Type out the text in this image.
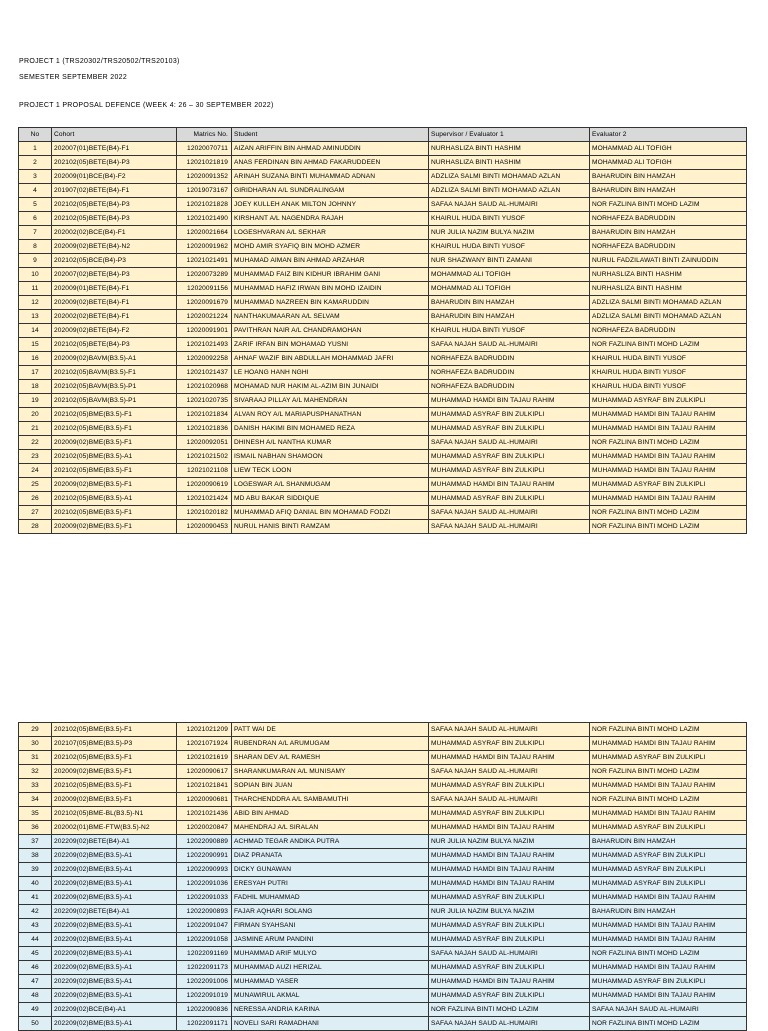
PROJECT 1 (TRS20302/TRS20502/TRS20103)
SEMESTER SEPTEMBER 2022
PROJECT 1 PROPOSAL DEFENCE (WEEK 4: 26 – 30 SEPTEMBER 2022)
No	Cohort	Matrics No.	Student	Supervisor / Evaluator 1	Evaluator 2
1	202007(01)BETE(B4)-F1	12020070711	AIZAN ARIFFIN BIN AHMAD AMINUDDIN	NURHASLIZA BINTI HASHIM	MOHAMMAD ALI TOFIGH
2	202102(05)BETE(B4)-P3	12021021819	ANAS FERDINAN BIN AHMAD FAKARUDDEEN	NURHASLIZA BINTI HASHIM	MOHAMMAD ALI TOFIGH
3	202009(01)BCE(B4)-F2	12020091352	ARINAH SUZANA BINTI MUHAMMAD ADNAN	ADZLIZA SALMI BINTI MOHAMAD AZLAN	BAHARUDIN BIN HAMZAH
4	201907(02)BETE(B4)-F1	12019073167	GIRIDHARAN A/L SUNDRALINGAM	ADZLIZA SALMI BINTI MOHAMAD AZLAN	BAHARUDIN BIN HAMZAH
5	202102(05)BETE(B4)-P3	12021021828	JOEY KULLEH ANAK MILTON JOHNNY	SAFAA NAJAH SAUD AL-HUMAIRI	NOR FAZLINA BINTI MOHD LAZIM
6	202102(05)BETE(B4)-P3	12021021490	KIRSHANT A/L NAGENDRA RAJAH	KHAIRUL HUDA BINTI YUSOF	NORHAFEZA BADRUDDIN
7	202002(02)BCE(B4)-F1	12020021664	LOGESHVARAN A/L SEKHAR	NUR JULIA NAZIM BULYA NAZIM	BAHARUDIN BIN HAMZAH
8	202009(02)BETE(B4)-N2	12020091962	MOHD AMIR SYAFIQ BIN MOHD AZMER	KHAIRUL HUDA BINTI YUSOF	NORHAFEZA BADRUDDIN
9	202102(05)BCE(B4)-P3	12021021491	MUHAMAD AIMAN BIN AHMAD ARZAHAR	NUR SHAZWANY BINTI ZAMANI	NURUL FADZILAWATI BINTI ZAINUDDIN
10	202007(02)BETE(B4)-P3	12020073289	MUHAMMAD FAIZ BIN KIDHUR IBRAHIM GANI	MOHAMMAD ALI TOFIGH	NURHASLIZA BINTI HASHIM
11	202009(01)BETE(B4)-F1	12020091156	MUHAMMAD HAFIZ IRWAN BIN MOHD IZAIDIN	MOHAMMAD ALI TOFIGH	NURHASLIZA BINTI HASHIM
12	202009(02)BETE(B4)-F1	12020091679	MUHAMMAD NAZREEN BIN KAMARUDDIN	BAHARUDIN BIN HAMZAH	ADZLIZA SALMI BINTI MOHAMAD AZLAN
13	202002(02)BETE(B4)-F1	12020021224	NANTHAKUMAARAN A/L SELVAM	BAHARUDIN BIN HAMZAH	ADZLIZA SALMI BINTI MOHAMAD AZLAN
14	202009(02)BETE(B4)-F2	12020091901	PAVITHRAN NAIR A/L CHANDRAMOHAN	KHAIRUL HUDA BINTI YUSOF	NORHAFEZA BADRUDDIN
15	202102(05)BETE(B4)-P3	12021021493	ZARIF IRFAN BIN MOHAMAD YUSNI	SAFAA NAJAH SAUD AL-HUMAIRI	NOR FAZLINA BINTI MOHD LAZIM
16	202009(02)BAVM(B3.5)-A1	12020092258	AHNAF WAZIF BIN ABDULLAH MOHAMMAD JAFRI	NORHAFEZA BADRUDDIN	KHAIRUL HUDA BINTI YUSOF
17	202102(05)BAVM(B3.5)-F1	12021021437	LE HOANG HANH NGHI	NORHAFEZA BADRUDDIN	KHAIRUL HUDA BINTI YUSOF
18	202102(05)BAVM(B3.5)-P1	12021020968	MOHAMAD NUR HAKIM AL-AZIM BIN JUNAIDI	NORHAFEZA BADRUDDIN	KHAIRUL HUDA BINTI YUSOF
19	202102(05)BAVM(B3.5)-P1	12021020735	SIVARAAJ PILLAY A/L MAHENDRAN	MUHAMMAD HAMDI BIN TAJAU RAHIM	MUHAMMAD ASYRAF BIN ZULKIPLI
20	202102(05)BME(B3.5)-F1	12021021834	ALVAN ROY A/L MARIAPUSPHANATHAN	MUHAMMAD ASYRAF BIN ZULKIPLI	MUHAMMAD HAMDI BIN TAJAU RAHIM
21	202102(05)BME(B3.5)-F1	12021021836	DANISH HAKIMI BIN MOHAMED REZA	MUHAMMAD ASYRAF BIN ZULKIPLI	MUHAMMAD HAMDI BIN TAJAU RAHIM
22	202009(02)BME(B3.5)-F1	12020092051	DHINESH A/L NANTHA KUMAR	SAFAA NAJAH SAUD AL-HUMAIRI	NOR FAZLINA BINTI MOHD LAZIM
23	202102(05)BME(B3.5)-A1	12021021502	ISMAIL NABHAN SHAMOON	MUHAMMAD ASYRAF BIN ZULKIPLI	MUHAMMAD HAMDI BIN TAJAU RAHIM
24	202102(05)BME(B3.5)-F1	12021021108	LIEW TECK LOON	MUHAMMAD ASYRAF BIN ZULKIPLI	MUHAMMAD HAMDI BIN TAJAU RAHIM
25	202009(02)BME(B3.5)-F1	12020090619	LOGESWAR A/L SHANMUGAM	MUHAMMAD HAMDI BIN TAJAU RAHIM	MUHAMMAD ASYRAF BIN ZULKIPLI
26	202102(05)BME(B3.5)-A1	12021021424	MD ABU BAKAR SIDDIQUE	MUHAMMAD ASYRAF BIN ZULKIPLI	MUHAMMAD HAMDI BIN TAJAU RAHIM
27	202102(05)BME(B3.5)-F1	12021020182	MUHAMMAD AFIQ DANIAL BIN MOHAMAD FODZI	SAFAA NAJAH SAUD AL-HUMAIRI	NOR FAZLINA BINTI MOHD LAZIM
28	202009(02)BME(B3.5)-F1	12020090453	NURUL HANIS BINTI RAMZAM	SAFAA NAJAH SAUD AL-HUMAIRI	NOR FAZLINA BINTI MOHD LAZIM
29	202102(05)BME(B3.5)-F1	12021021209	PATT WAI DE	SAFAA NAJAH SAUD AL-HUMAIRI	NOR FAZLINA BINTI MOHD LAZIM
30	202107(05)BME(B3.5)-P3	12021071924	RUBENDRAN A/L ARUMUGAM	MUHAMMAD ASYRAF BIN ZULKIPLI	MUHAMMAD HAMDI BIN TAJAU RAHIM
31	202102(05)BME(B3.5)-F1	12021021619	SHARAN DEV A/L RAMESH	MUHAMMAD HAMDI BIN TAJAU RAHIM	MUHAMMAD ASYRAF BIN ZULKIPLI
32	202009(02)BME(B3.5)-F1	12020090617	SHARANKUMARAN A/L MUNISAMY	SAFAA NAJAH SAUD AL-HUMAIRI	NOR FAZLINA BINTI MOHD LAZIM
33	202102(05)BME(B3.5)-F1	12021021841	SOPIAN BIN JUAN	MUHAMMAD ASYRAF BIN ZULKIPLI	MUHAMMAD HAMDI BIN TAJAU RAHIM
34	202009(02)BME(B3.5)-F1	12020090681	THARCHENDDRA A/L SAMBAMUTHI	SAFAA NAJAH SAUD AL-HUMAIRI	NOR FAZLINA BINTI MOHD LAZIM
35	202102(05)BME-BL(B3.5)-N1	12021021436	ABID BIN AHMAD	MUHAMMAD ASYRAF BIN ZULKIPLI	MUHAMMAD HAMDI BIN TAJAU RAHIM
36	202002(01)BME-FTW(B3.5)-N2	12020020847	MAHENDRAJ A/L SIRALAN	MUHAMMAD HAMDI BIN TAJAU RAHIM	MUHAMMAD ASYRAF BIN ZULKIPLI
37	202209(02)BETE(B4)-A1	12022090889	ACHMAD TEGAR ANDIKA PUTRA	NUR JULIA NAZIM BULYA NAZIM	BAHARUDIN BIN HAMZAH
38	202209(02)BME(B3.5)-A1	12022090991	DIAZ PRANATA	MUHAMMAD HAMDI BIN TAJAU RAHIM	MUHAMMAD ASYRAF BIN ZULKIPLI
39	202209(02)BME(B3.5)-A1	12022090993	DICKY GUNAWAN	MUHAMMAD HAMDI BIN TAJAU RAHIM	MUHAMMAD ASYRAF BIN ZULKIPLI
40	202209(02)BME(B3.5)-A1	12022091036	ERESYAH PUTRI	MUHAMMAD HAMDI BIN TAJAU RAHIM	MUHAMMAD ASYRAF BIN ZULKIPLI
41	202209(02)BME(B3.5)-A1	12022091033	FADHIL MUHAMMAD	MUHAMMAD ASYRAF BIN ZULKIPLI	MUHAMMAD HAMDI BIN TAJAU RAHIM
42	202209(02)BETE(B4)-A1	12022090893	FAJAR AQHARI SOLANG	NUR JULIA NAZIM BULYA NAZIM	BAHARUDIN BIN HAMZAH
43	202209(02)BME(B3.5)-A1	12022091047	FIRMAN SYAHSANI	MUHAMMAD ASYRAF BIN ZULKIPLI	MUHAMMAD HAMDI BIN TAJAU RAHIM
44	202209(02)BME(B3.5)-A1	12022091058	JASMINE ARUM PANDINI	MUHAMMAD ASYRAF BIN ZULKIPLI	MUHAMMAD HAMDI BIN TAJAU RAHIM
45	202209(02)BME(B3.5)-A1	12022091169	MUHAMMAD ARIF MULYO	SAFAA NAJAH SAUD AL-HUMAIRI	NOR FAZLINA BINTI MOHD LAZIM
46	202209(02)BME(B3.5)-A1	12022091173	MUHAMMAD AUZI HERIZAL	MUHAMMAD ASYRAF BIN ZULKIPLI	MUHAMMAD HAMDI BIN TAJAU RAHIM
47	202209(02)BME(B3.5)-A1	12022091006	MUHAMMAD YASER	MUHAMMAD HAMDI BIN TAJAU RAHIM	MUHAMMAD ASYRAF BIN ZULKIPLI
48	202209(02)BME(B3.5)-A1	12022091019	MUNAWIRUL AKMAL	MUHAMMAD ASYRAF BIN ZULKIPLI	MUHAMMAD HAMDI BIN TAJAU RAHIM
49	202209(02)BCE(B4)-A1	12022090836	NERESSA ANDRIA KARINA	NOR FAZLINA BINTI MOHD LAZIM	SAFAA NAJAH SAUD AL-HUMAIRI
50	202209(02)BME(B3.5)-A1	12022091171	NOVELI SARI RAMADHANI	SAFAA NAJAH SAUD AL-HUMAIRI	NOR FAZLINA BINTI MOHD LAZIM
